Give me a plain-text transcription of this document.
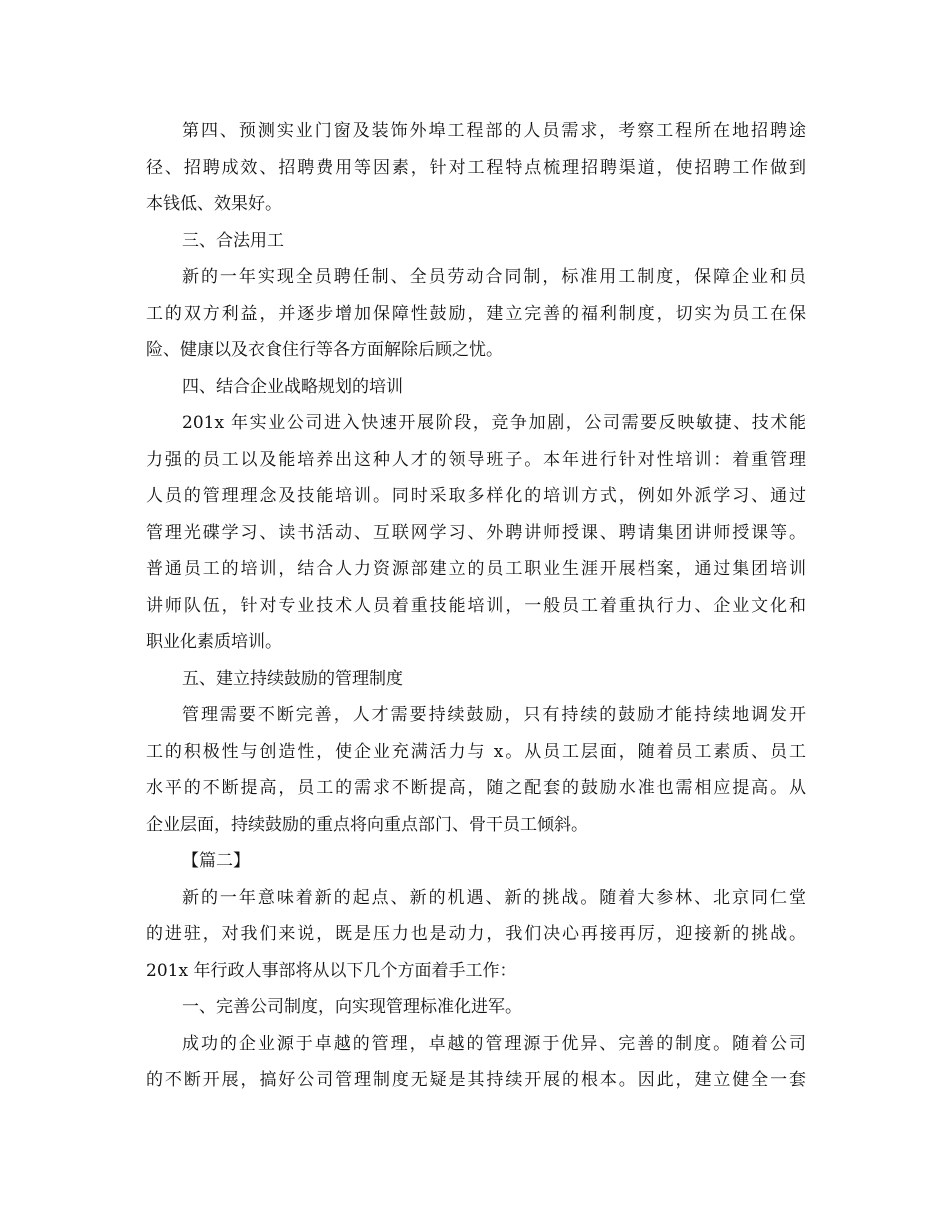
第四、预测实业门窗及装饰外埠工程部的人员需求，考察工程所在地招聘途
径、招聘成效、招聘费用等因素，针对工程特点梳理招聘渠道，使招聘工作做到
本钱低、效果好。
三、合法用工
新的一年实现全员聘任制、全员劳动合同制，标准用工制度，保障企业和员
工的双方利益，并逐步增加保障性鼓励，建立完善的福利制度，切实为员工在保
险、健康以及衣食住行等各方面解除后顾之忧。
四、结合企业战略规划的培训
201x 年实业公司进入快速开展阶段，竞争加剧，公司需要反映敏捷、技术能
力强的员工以及能培养出这种人才的领导班子。本年进行针对性培训：着重管理
人员的管理理念及技能培训。同时采取多样化的培训方式，例如外派学习、通过
管理光碟学习、读书活动、互联网学习、外聘讲师授课、聘请集团讲师授课等。
普通员工的培训，结合人力资源部建立的员工职业生涯开展档案，通过集团培训
讲师队伍，针对专业技术人员着重技能培训，一般员工着重执行力、企业文化和
职业化素质培训。
五、建立持续鼓励的管理制度
管理需要不断完善，人才需要持续鼓励，只有持续的鼓励才能持续地调发开
工的积极性与创造性，使企业充满活力与 x。从员工层面，随着员工素质、员工
水平的不断提高，员工的需求不断提高，随之配套的鼓励水准也需相应提高。从
企业层面，持续鼓励的重点将向重点部门、骨干员工倾斜。
【篇二】
新的一年意味着新的起点、新的机遇、新的挑战。随着大参林、北京同仁堂
的进驻，对我们来说，既是压力也是动力，我们决心再接再厉，迎接新的挑战。
201x 年行政人事部将从以下几个方面着手工作：
一、完善公司制度，向实现管理标准化进军。
成功的企业源于卓越的管理，卓越的管理源于优异、完善的制度。随着公司
的不断开展，搞好公司管理制度无疑是其持续开展的根本。因此，建立健全一套
